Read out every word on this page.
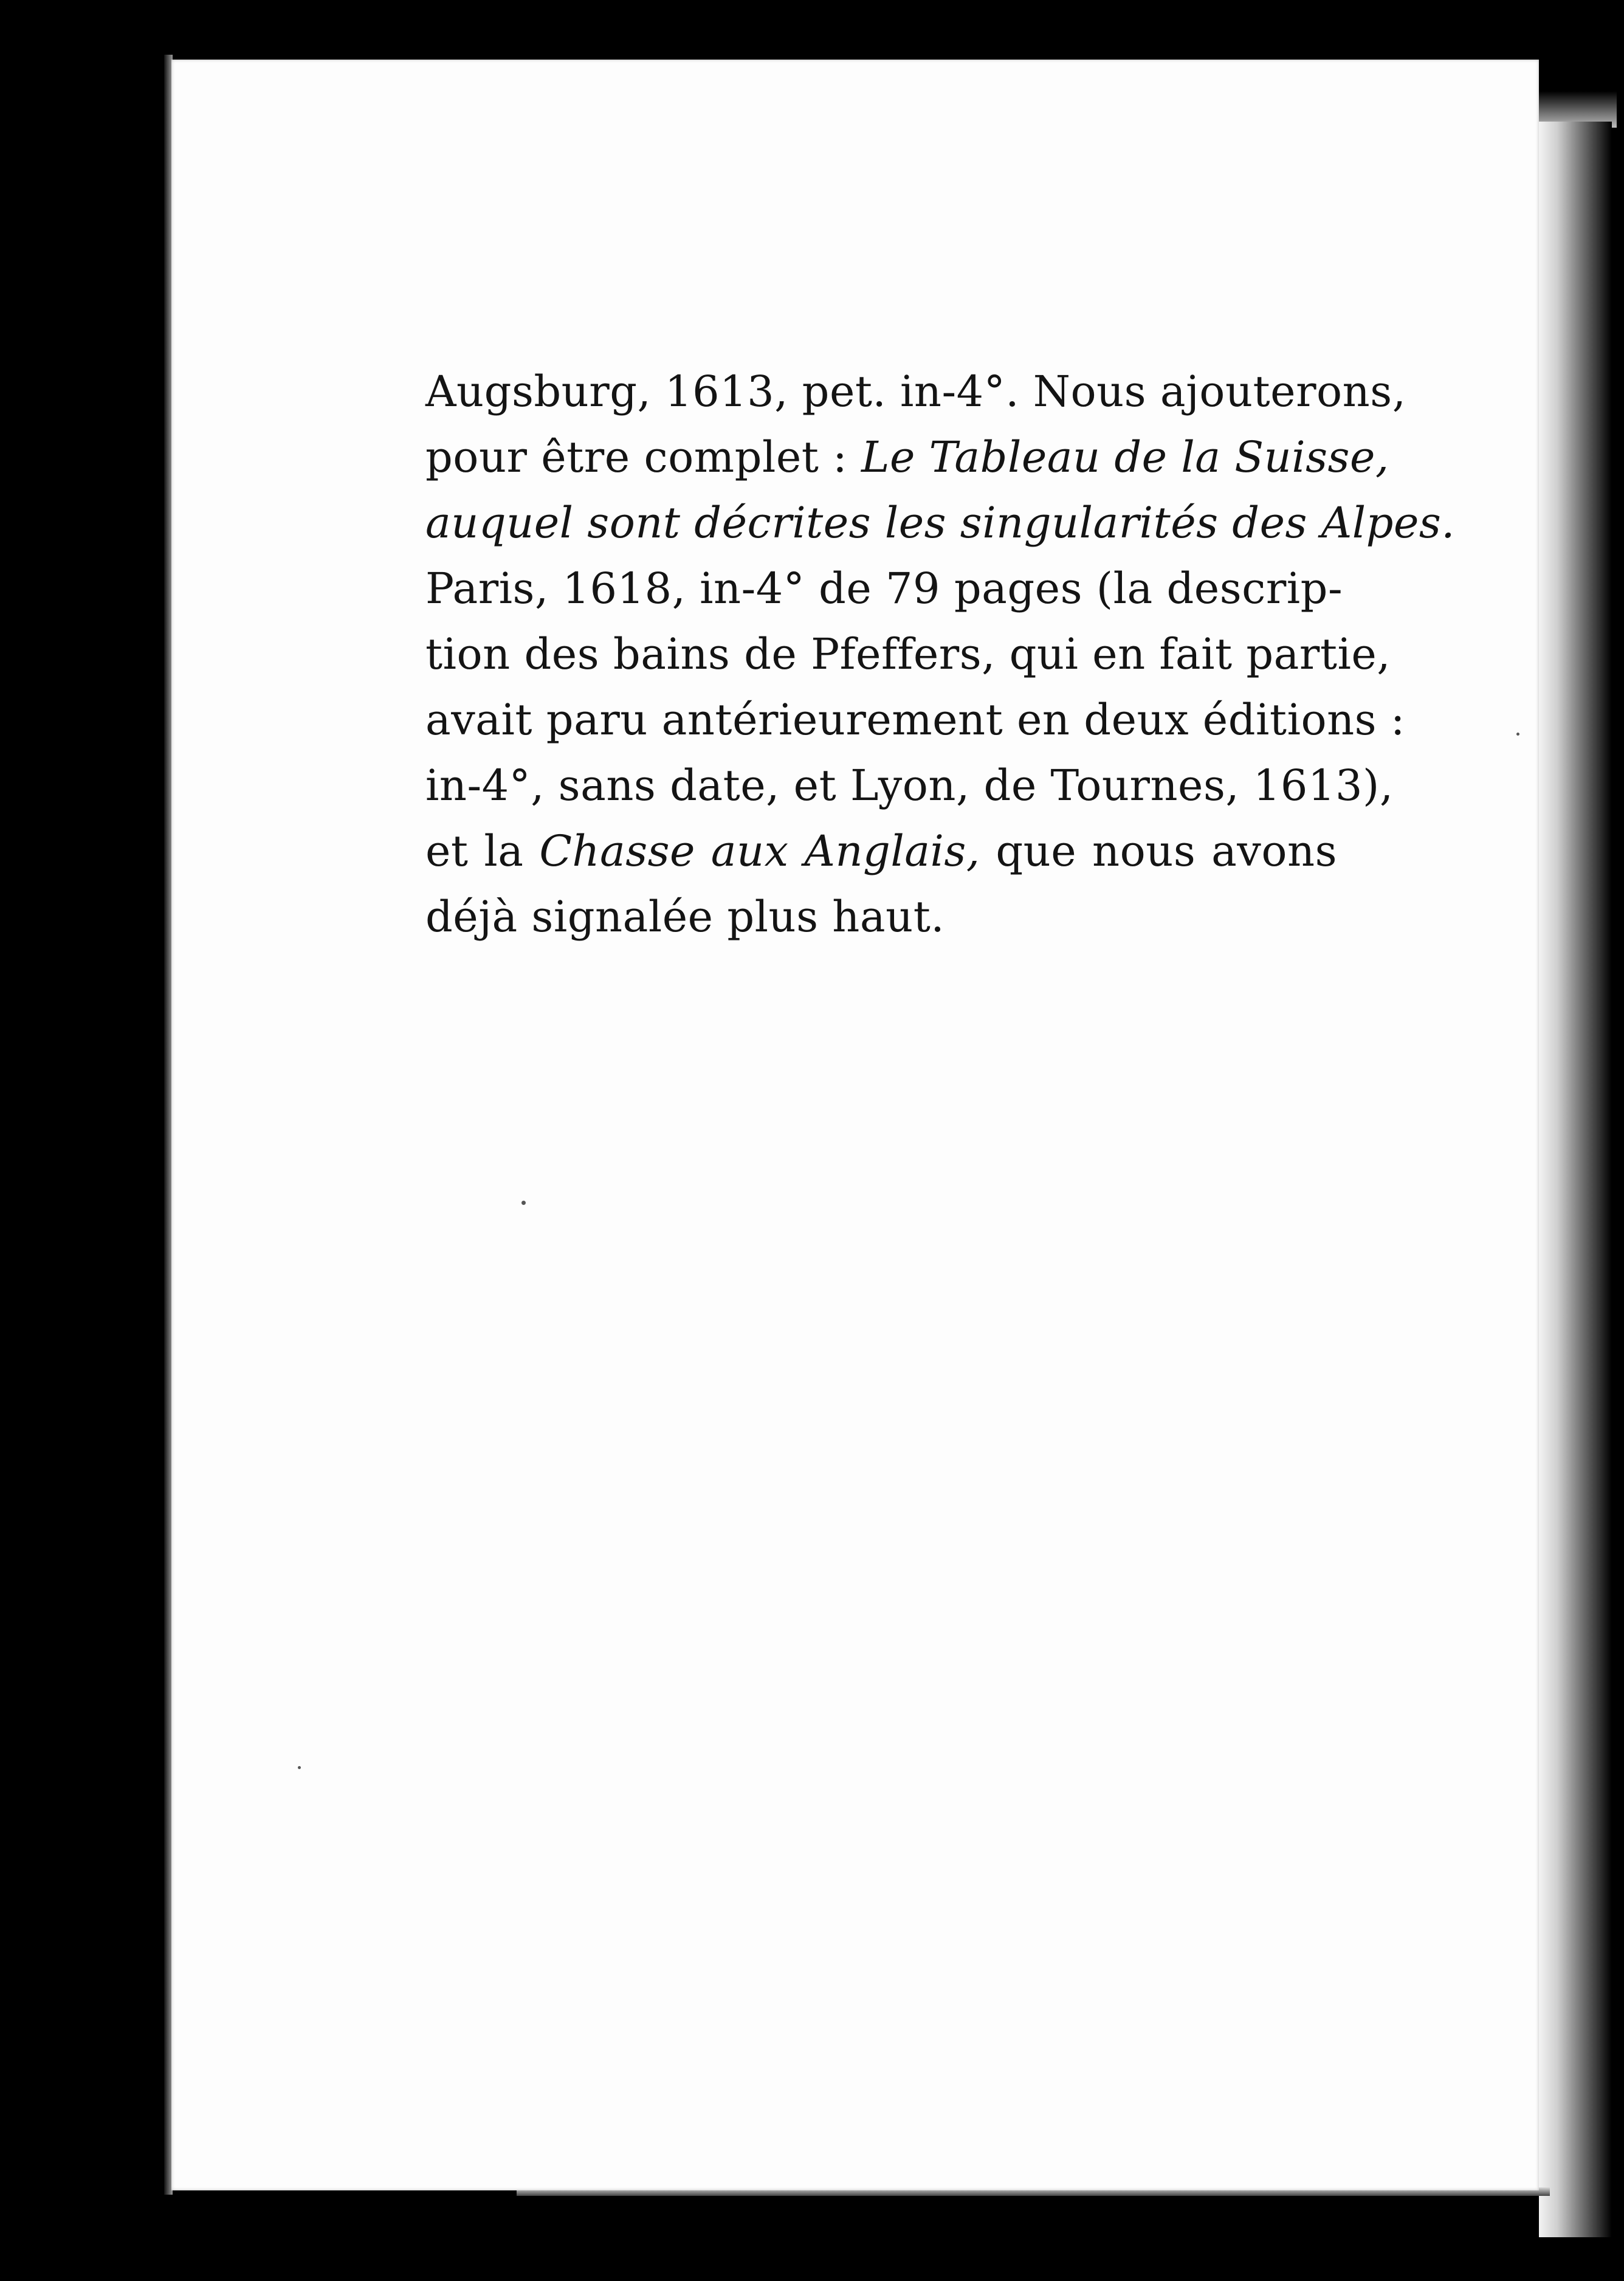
Augsburg, 1613, pet. in-4°. Nous ajouterons,
pour être complet : Le Tableau de la Suisse,
auquel sont décrites les singularités des Alpes.
Paris, 1618, in-4° de 79 pages (la descrip-
tion des bains de Pfeffers, qui en fait partie,
avait paru antérieurement en deux éditions :
in-4°, sans date, et Lyon, de Tournes, 1613),
et la Chasse aux Anglais, que nous avons
déjà signalée plus haut.
